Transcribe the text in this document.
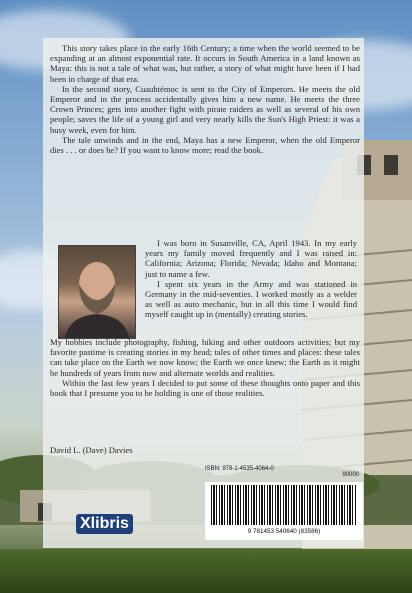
This story takes place in the early 16th Century; a time when the world seemed to be expanding at an almost exponential rate. It occurs in South America in a land known as Maya: this is not a tale of what was, but rather, a story of what might have been if I had been in charge of that era.

In the second story, Cuauhtémoc is sent to the City of Emperors. He meets the old Emperor and in the process accidentally gives him a new name. He meets the three Crown Princes; gets into another fight with pirate raiders as well as several of his own people; saves the life of a young girl and very nearly kills the Sun's High Priest: it was a busy week, even for him.

The tale unwinds and in the end, Maya has a new Emperor, when the old Emperor dies . . . or does he? If you want to know more; read the book.

I was born in Susanville, CA, April 1943. In my early years my family moved frequently and I was raised in: California; Arizona; Florida; Nevada; Idaho and Montana; just to name a few.

I spent six years in the Army and was stationed in Germany in the mid-seventies. I worked mostly as a welder as well as auto mechanic, but in all this time I would find myself caught up in (mentally) creating stories.

My hobbies include photography, fishing, hiking and other outdoors activities; but my favorite pastime is creating stories in my head; tales of other times and places: these tales can take place on the Earth we now know; the Earth we once knew; the Earth as it might be hundreds of years from now and alternate worlds and realities.

Within the last few years I decided to put some of these thoughts onto paper and this book that I presume you to be holding is one of those realities.

David L. (Dave) Davies
ISBN: 978-1-4535-4064-0
9 781453 540640 (83586)
90000
Xlibris
